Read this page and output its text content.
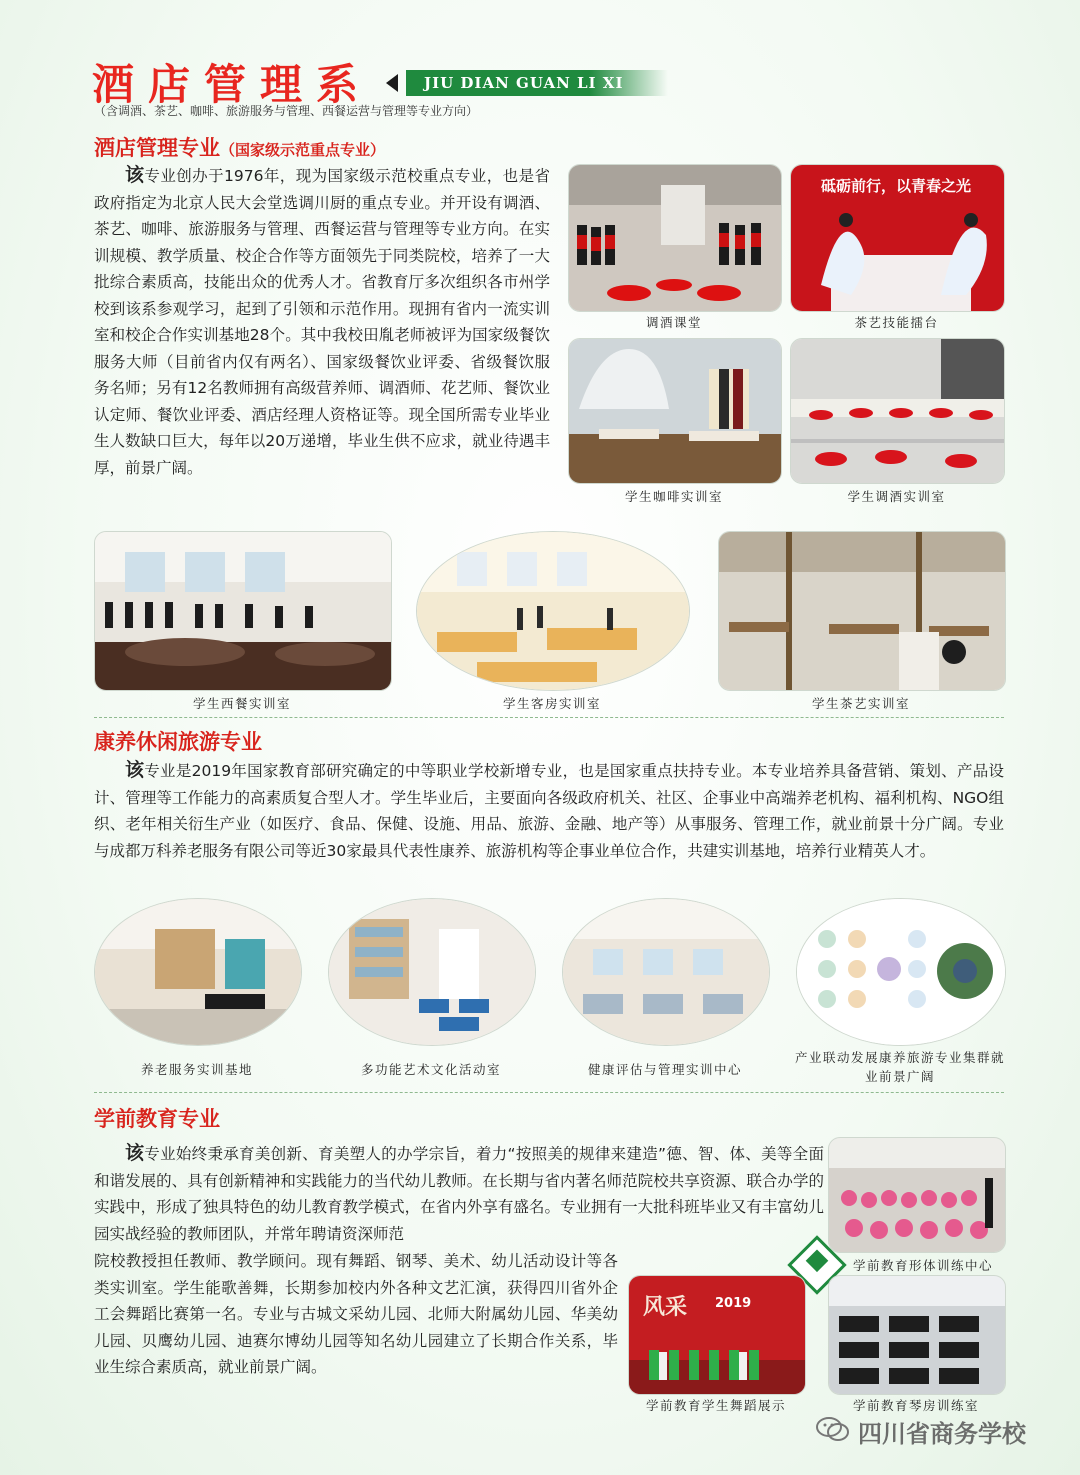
酒店管理系	JIU DIAN GUAN LI XI
（含调酒、茶艺、咖啡、旅游服务与管理、西餐运营与管理等专业方向）
酒店管理专业（国家级示范重点专业）
该专业创办于1976年，现为国家级示范校重点专业，也是省政府指定为北京人民大会堂选调川厨的重点专业。并开设有调酒、茶艺、咖啡、旅游服务与管理、西餐运营与管理等专业方向。在实训规模、教学质量、校企合作等方面领先于同类院校，培养了一大批综合素质高，技能出众的优秀人才。省教育厅多次组织各市州学校到该系参观学习，起到了引领和示范作用。现拥有省内一流实训室和校企合作实训基地28个。其中我校田胤老师被评为国家级餐饮服务大师（目前省内仅有两名）、国家级餐饮业评委、省级餐饮服务名师；另有12名教师拥有高级营养师、调酒师、花艺师、餐饮业认定师、餐饮业评委、酒店经理人资格证等。现全国所需专业毕业生人数缺口巨大，每年以20万递增，毕业生供不应求，就业待遇丰厚，前景广阔。
调酒课堂
砥砺前行，以青春之光
茶艺技能擂台
学生咖啡实训室	学生调酒实训室
学生西餐实训室	学生客房实训室	学生茶艺实训室
康养休闲旅游专业
该专业是2019年国家教育部研究确定的中等职业学校新增专业，也是国家重点扶持专业。本专业培养具备营销、策划、产品设计、管理等工作能力的高素质复合型人才。学生毕业后，主要面向各级政府机关、社区、企事业中高端养老机构、福利机构、NGO组织、老年相关衍生产业（如医疗、食品、保健、设施、用品、旅游、金融、地产等）从事服务、管理工作，就业前景十分广阔。专业与成都万科养老服务有限公司等近30家最具代表性康养、旅游机构等企事业单位合作，共建实训基地，培养行业精英人才。
养老服务实训基地	多功能艺术文化活动室	健康评估与管理实训中心
产业联动发展康养旅游专业集群就业前景广阔
学前教育专业
该专业始终秉承育美创新、育美塑人的办学宗旨，着力“按照美的规律来建造”德、智、体、美等全面和谐发展的、具有创新精神和实践能力的当代幼儿教师。在长期与省内著名师范院校共享资源、联合办学的实践中，形成了独具特色的幼儿教育教学模式，在省内外享有盛名。专业拥有一大批科班毕业又有丰富幼儿园实战经验的教师团队，并常年聘请资深师范
院校教授担任教师、教学顾问。现有舞蹈、钢琴、美术、幼儿活动设计等各类实训室。学生能歌善舞，长期参加校内外各种文艺汇演，获得四川省外企工会舞蹈比赛第一名。专业与古城文采幼儿园、北师大附属幼儿园、华美幼儿园、贝鹰幼儿园、迪赛尔博幼儿园等知名幼儿园建立了长期合作关系，毕业生综合素质高，就业前景广阔。
学前教育形体训练中心
风采 2019
学前教育学生舞蹈展示	学前教育琴房训练室
四川省商务学校
